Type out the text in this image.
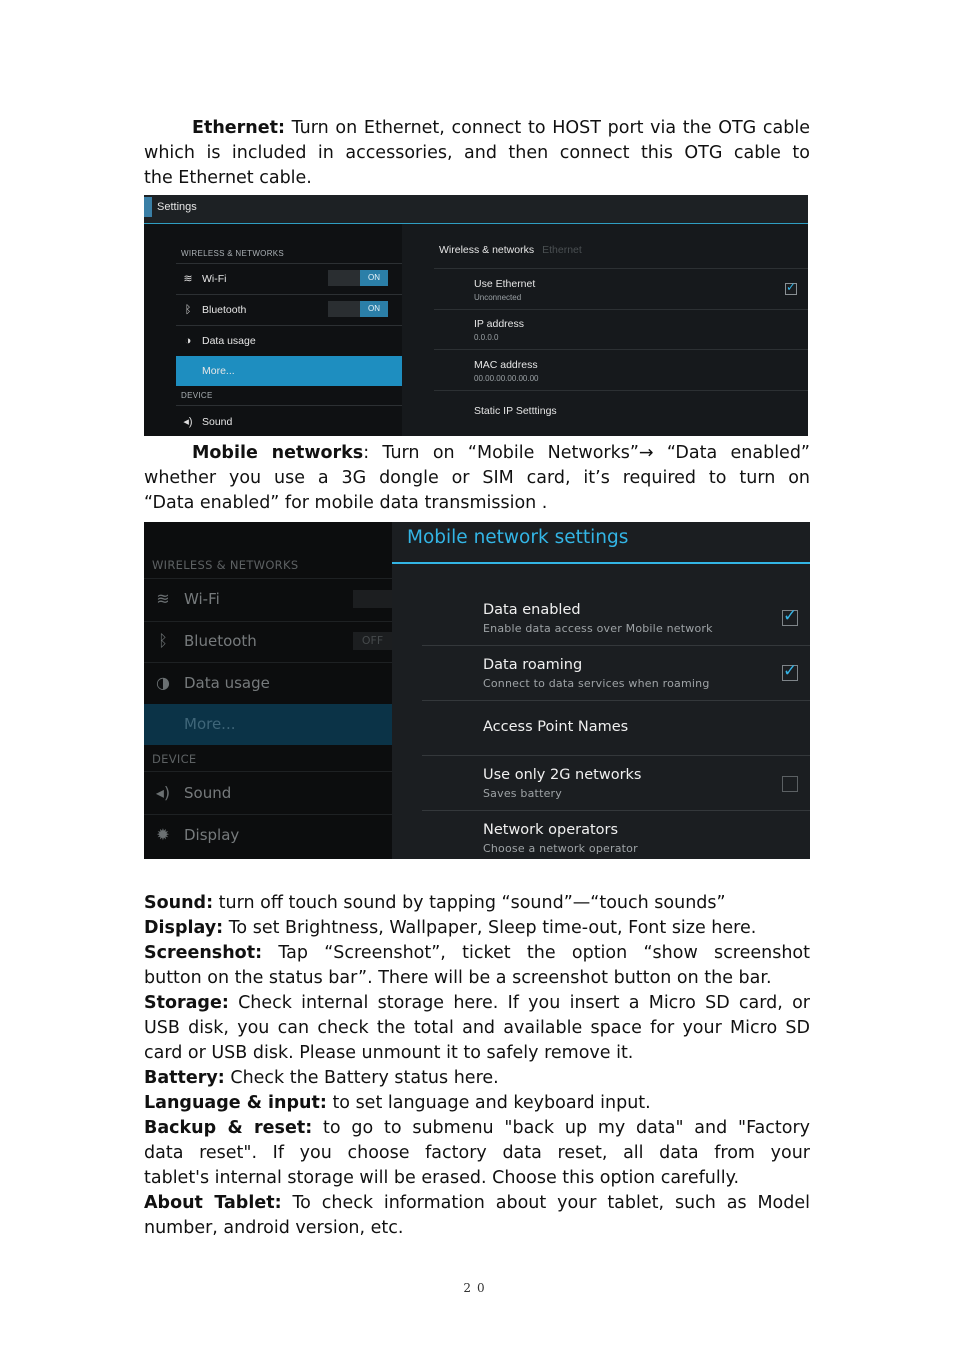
Ethernet: Turn on Ethernet, connect to HOST port via the OTG cable
which is included in accessories, and then connect this OTG cable to
the Ethernet cable.

Settings
WIRELESS & NETWORKS
≋ Wi-Fi	ON
ᛒ Bluetooth	ON
◑ Data usage
More...
DEVICE
◂) Sound
Wireless & networks Ethernet
Use Ethernet
Unconnected
✓
IP address
0.0.0.0
MAC address
00.00.00.00.00.00
Static IP Setttings

Mobile networks: Turn on “Mobile Networks”→ “Data enabled”
whether you use a 3G dongle or SIM card, it’s required to turn on
“Data enabled” for mobile data transmission .

WIRELESS & NETWORKS
≋ Wi-Fi
ᛒ Bluetooth	OFF
◑ Data usage
More...
DEVICE
◂) Sound
✹ Display
Mobile network settings
Data enabled
Enable data access over Mobile network
✓
Data roaming
Connect to data services when roaming
✓
Access Point Names
Use only 2G networks
Saves battery
Network operators
Choose a network operator
Sound: turn off touch sound by tapping “sound”—“touch sounds”
Display: To set Brightness, Wallpaper, Sleep time-out, Font size here.
Screenshot: Tap “Screenshot”, ticket the option “show screenshot
button on the status bar”. There will be a screenshot button on the bar.
Storage: Check internal storage here. If you insert a Micro SD card, or
USB disk, you can check the total and available space for your Micro SD
card or USB disk. Please unmount it to safely remove it.
Battery: Check the Battery status here.
Language & input: to set language and keyboard input.
Backup & reset: to go to submenu "back up my data" and "Factory
data reset". If you choose factory data reset, all data from your
tablet's internal storage will be erased. Choose this option carefully.
About Tablet: To check information about your tablet, such as Model
number, android version, etc.
20
